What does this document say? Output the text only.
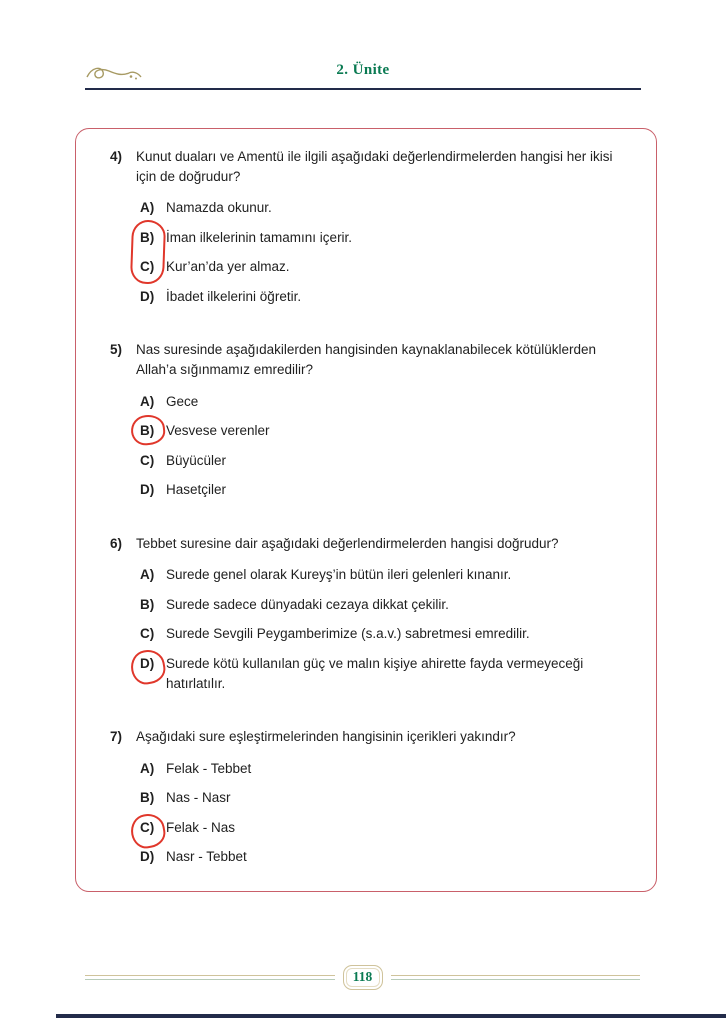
2. Ünite
4)	Kunut duaları ve Amentü ile ilgili aşağıdaki değerlendirmelerden hangisi her ikisi için de doğrudur?

A) Namazda okunur.
B) İman ilkelerinin tamamını içerir.
C) Kur’an’da yer almaz.
D) İbadet ilkelerini öğretir.
5)	Nas suresinde aşağıdakilerden hangisinden kaynaklanabilecek kötülüklerden Allah’a sığınmamız emredilir?

A) Gece
B) Vesvese verenler
C) Büyücüler
D) Hasetçiler
6)	Tebbet suresine dair aşağıdaki değerlendirmelerden hangisi doğrudur?

A) Surede genel olarak Kureyş’in bütün ileri gelenleri kınanır.
B) Surede sadece dünyadaki cezaya dikkat çekilir.
C) Surede Sevgili Peygamberimize (s.a.v.) sabretmesi emredilir.
D) Surede kötü kullanılan güç ve malın kişiye ahirette fayda vermeyeceği hatırlatılır.
7)	Aşağıdaki sure eşleştirmelerinden hangisinin içerikleri yakındır?

A) Felak - Tebbet
B) Nas - Nasr
C) Felak - Nas
D) Nasr - Tebbet
118
